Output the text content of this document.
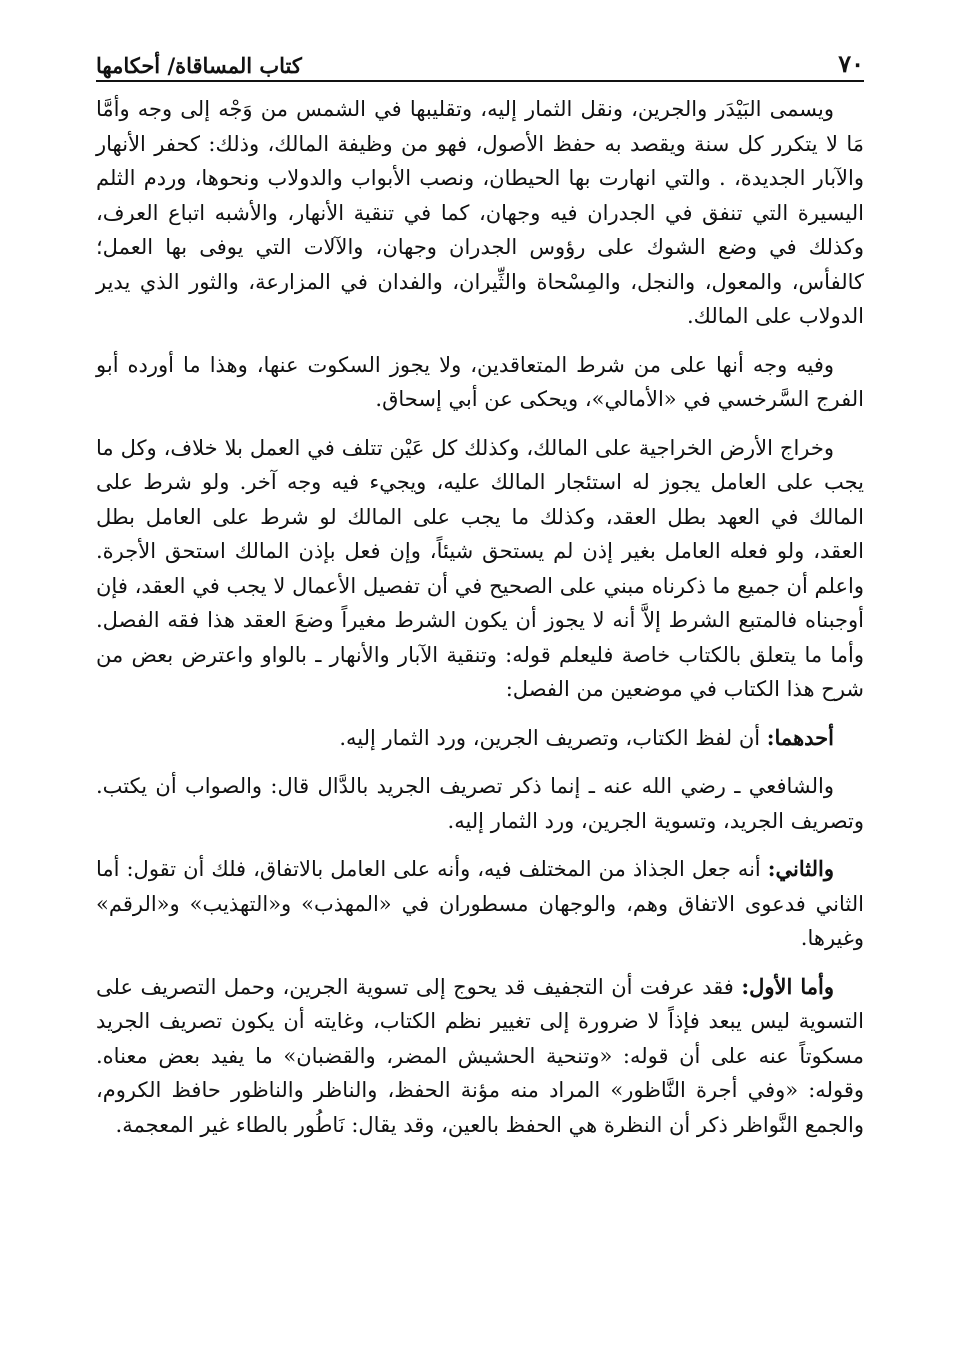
٧٠
كتاب المساقاة/ أحكامها

ويسمى البَيْدَر والجرين، ونقل الثمار إليه، وتقليبها في الشمس من وَجْه إلى وجه وأمَّا مَا لا يتكرر كل سنة ويقصد به حفظ الأصول، فهو من وظيفة المالك، وذلك: كحفر الأنهار والآبار الجديدة، . والتي انهارت بها الحيطان، ونصب الأبواب والدولاب ونحوها، وردم الثلم اليسيرة التي تنفق في الجدران فيه وجهان، كما في تنقية الأنهار، والأشبه اتباع العرف، وكذلك في وضع الشوك على رؤوس الجدران وجهان، والآلات التي يوفى بها العمل؛ كالفأس، والمعول، والنجل، والمِسْحاة والثِّيران، والفدان في المزارعة، والثور الذي يدير الدولاب على المالك.

وفيه وجه أنها على من شرط المتعاقدين، ولا يجوز السكوت عنها، وهذا ما أورده أبو الفرج السَّرخسي في «الأمالي»، ويحكى عن أبي إسحاق.

وخراج الأرض الخراجية على المالك، وكذلك كل عَيْن تتلف في العمل بلا خلاف، وكل ما يجب على العامل يجوز له استئجار المالك عليه، ويجيء فيه وجه آخر. ولو شرط على المالك في العهد بطل العقد، وكذلك ما يجب على المالك لو شرط على العامل بطل العقد، ولو فعله العامل بغير إذن لم يستحق شيئاً، وإن فعل بإذن المالك استحق الأجرة. واعلم أن جميع ما ذكرناه مبني على الصحيح في أن تفصيل الأعمال لا يجب في العقد، فإن أوجبناه فالمتبع الشرط إلاَّ أنه لا يجوز أن يكون الشرط مغيراً وضعَ العقد هذا فقه الفصل. وأما ما يتعلق بالكتاب خاصة فليعلم قوله: وتنقية الآبار والأنهار ـ بالواو واعترض بعض من شرح هذا الكتاب في موضعين من الفصل:

أحدهما: أن لفظ الكتاب، وتصريف الجرين، ورد الثمار إليه.

والشافعي ـ رضي الله عنه ـ إنما ذكر تصريف الجريد بالدَّال قال: والصواب أن يكتب. وتصريف الجريد، وتسوية الجرين، ورد الثمار إليه.

والثاني: أنه جعل الجذاذ من المختلف فيه، وأنه على العامل بالاتفاق، فلك أن تقول: أما الثاني فدعوى الاتفاق وهم، والوجهان مسطوران في «المهذب» و«التهذيب» و«الرقم» وغيرها.

وأما الأول: فقد عرفت أن التجفيف قد يحوج إلى تسوية الجرين، وحمل التصريف على التسوية ليس يبعد فإذاً لا ضرورة إلى تغيير نظم الكتاب، وغايته أن يكون تصريف الجريد مسكوتاً عنه على أن قوله: «وتنحية الحشيش المضر، والقضبان» ما يفيد بعض معناه. وقوله: «وفي أجرة النَّاظور» المراد منه مؤنة الحفظ، والناظر والناظور حافظ الكروم، والجمع النَّواظر ذكر أن النظرة هي الحفظ بالعين، وقد يقال: نَاطُور بالطاء غير المعجمة.
